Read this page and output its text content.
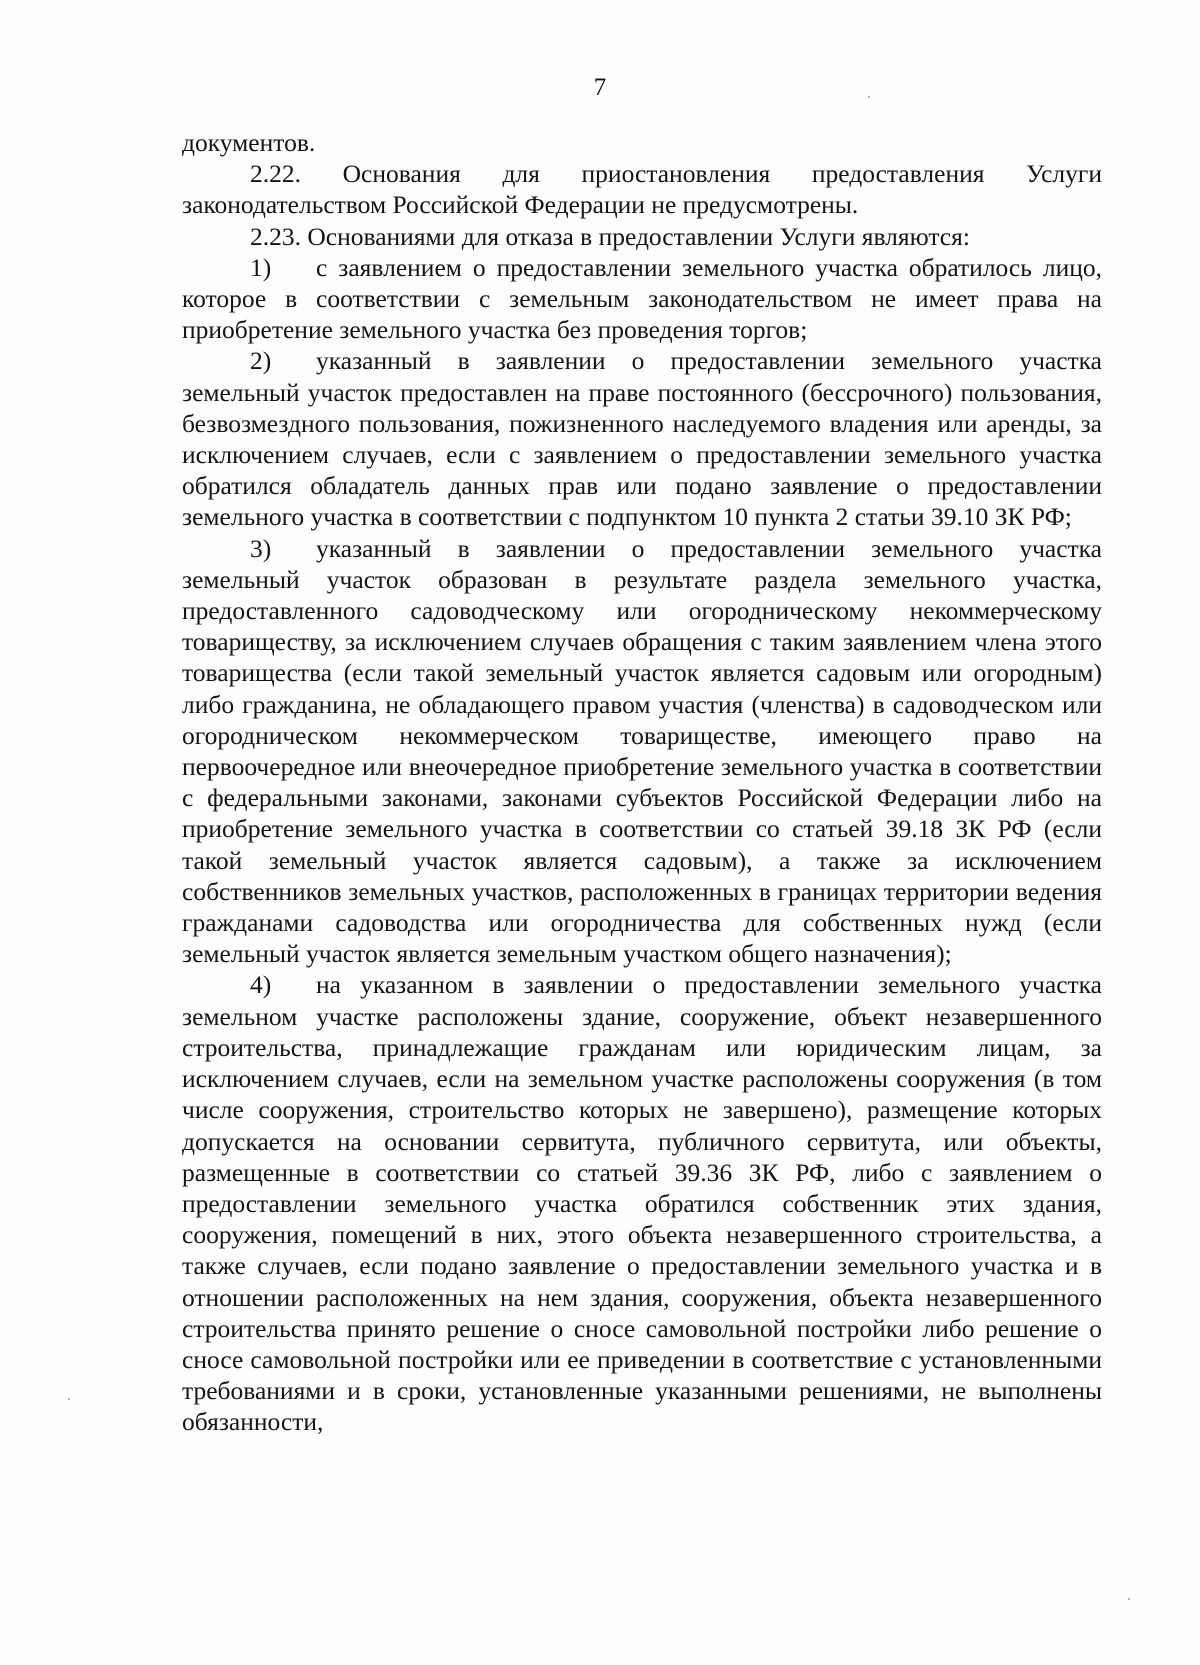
7

документов.

2.22. Основания для приостановления предоставления Услуги законодательством Российской Федерации не предусмотрены.

2.23. Основаниями для отказа в предоставлении Услуги являются:

1) с заявлением о предоставлении земельного участка обратилось лицо, которое в соответствии с земельным законодательством не имеет права на приобретение земельного участка без проведения торгов;

2) указанный в заявлении о предоставлении земельного участка земельный участок предоставлен на праве постоянного (бессрочного) пользования, безвозмездного пользования, пожизненного наследуемого владения или аренды, за исключением случаев, если с заявлением о предоставлении земельного участка обратился обладатель данных прав или подано заявление о предоставлении земельного участка в соответствии с подпунктом 10 пункта 2 статьи 39.10 ЗК РФ;

3) указанный в заявлении о предоставлении земельного участка земельный участок образован в результате раздела земельного участка, предоставленного садоводческому или огородническому некоммерческому товариществу, за исключением случаев обращения с таким заявлением члена этого товарищества (если такой земельный участок является садовым или огородным) либо гражданина, не обладающего правом участия (членства) в садоводческом или огородническом некоммерческом товариществе, имеющего право на первоочередное или внеочередное приобретение земельного участка в соответствии с федеральными законами, законами субъектов Российской Федерации либо на приобретение земельного участка в соответствии со статьей 39.18 ЗК РФ (если такой земельный участок является садовым), а также за исключением собственников земельных участков, расположенных в границах территории ведения гражданами садоводства или огородничества для собственных нужд (если земельный участок является земельным участком общего назначения);

4) на указанном в заявлении о предоставлении земельного участка земельном участке расположены здание, сооружение, объект незавершенного строительства, принадлежащие гражданам или юридическим лицам, за исключением случаев, если на земельном участке расположены сооружения (в том числе сооружения, строительство которых не завершено), размещение которых допускается на основании сервитута, публичного сервитута, или объекты, размещенные в соответствии со статьей 39.36 ЗК РФ, либо с заявлением о предоставлении земельного участка обратился собственник этих здания, сооружения, помещений в них, этого объекта незавершенного строительства, а также случаев, если подано заявление о предоставлении земельного участка и в отношении расположенных на нем здания, сооружения, объекта незавершенного строительства принято решение о сносе самовольной постройки либо решение о сносе самовольной постройки или ее приведении в соответствие с установленными требованиями и в сроки, установленные указанными решениями, не выполнены обязанности,
